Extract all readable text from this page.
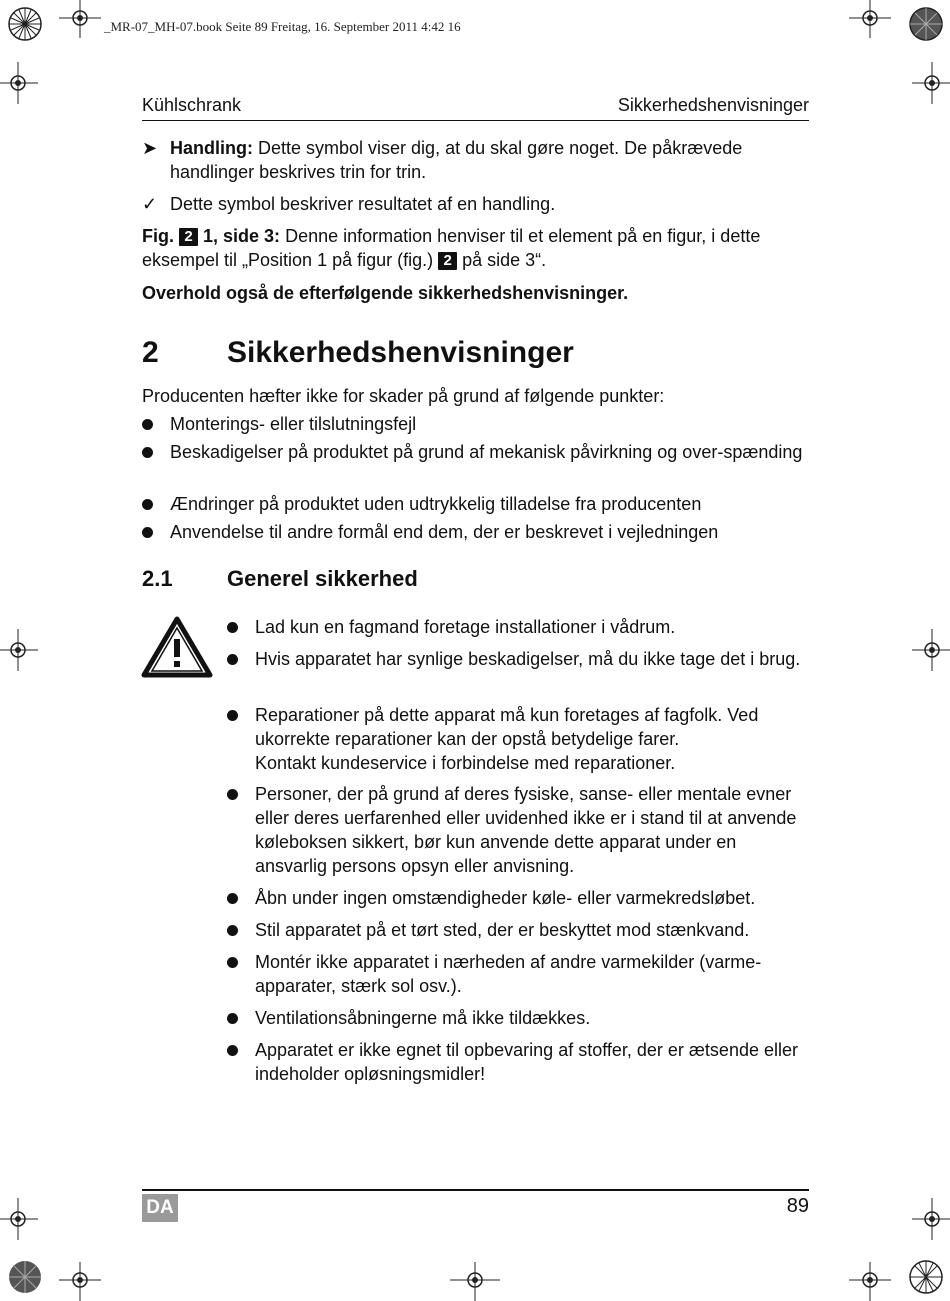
_MR-07_MH-07.book Seite 89 Freitag, 16. September 2011 4:42 16
Kühlschrank	Sikkerhedshenvisninger
➤ Handling: Dette symbol viser dig, at du skal gøre noget. De påkrævede handlinger beskrives trin for trin.
✓ Dette symbol beskriver resultatet af en handling.
Fig. 2 1, side 3: Denne information henviser til et element på en figur, i dette eksempel til „Position 1 på figur (fig.) 2 på side 3“.
Overhold også de efterfølgende sikkerhedshenvisninger.
2 Sikkerhedshenvisninger
Producenten hæfter ikke for skader på grund af følgende punkter:
Monterings- eller tilslutningsfejl
Beskadigelser på produktet på grund af mekanisk påvirkning og over-spænding
Ændringer på produktet uden udtrykkelig tilladelse fra producenten
Anvendelse til andre formål end dem, der er beskrevet i vejledningen
2.1 Generel sikkerhed
Lad kun en fagmand foretage installationer i vådrum.
Hvis apparatet har synlige beskadigelser, må du ikke tage det i brug.
Reparationer på dette apparat må kun foretages af fagfolk. Ved ukorrekte reparationer kan der opstå betydelige farer.
Kontakt kundeservice i forbindelse med reparationer.
Personer, der på grund af deres fysiske, sanse- eller mentale evner eller deres uerfarenhed eller uvidenhed ikke er i stand til at anvende køleboksen sikkert, bør kun anvende dette apparat under en ansvarlig persons opsyn eller anvisning.
Åbn under ingen omstændigheder køle- eller varmekredsløbet.
Stil apparatet på et tørt sted, der er beskyttet mod stænkvand.
Montér ikke apparatet i nærheden af andre varmekilder (varme-apparater, stærk sol osv.).
Ventilationsåbningerne må ikke tildækkes.
Apparatet er ikke egnet til opbevaring af stoffer, der er ætsende eller indeholder opløsningsmidler!
DA	89
